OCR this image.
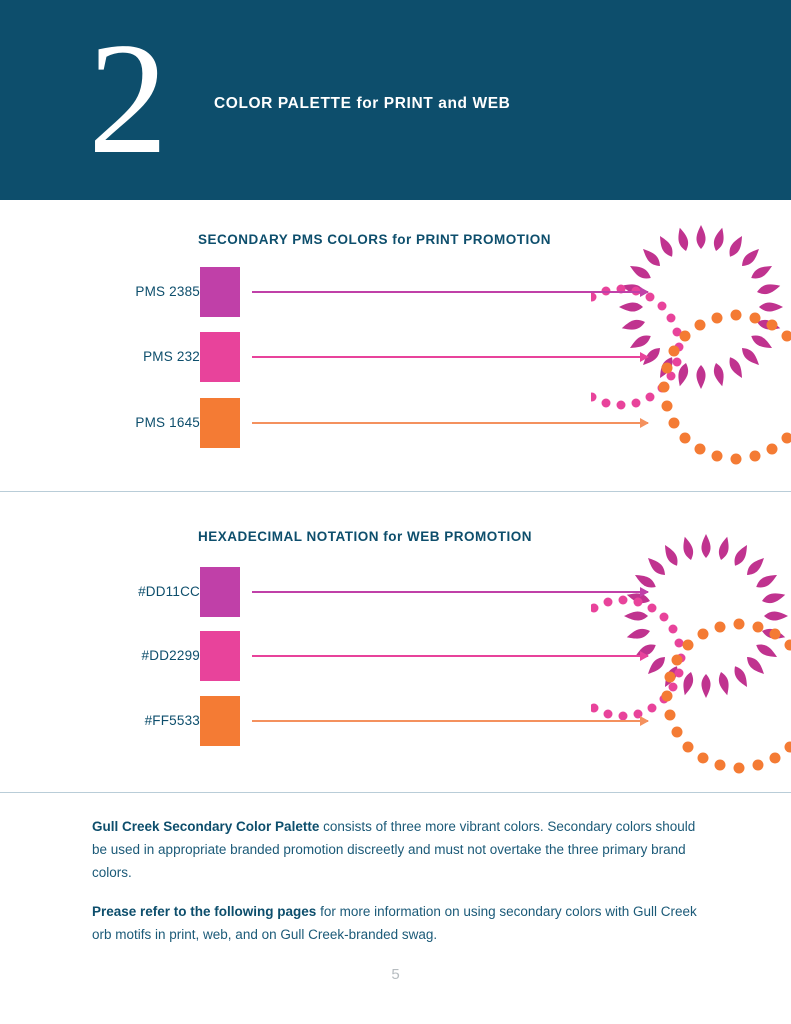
2	COLOR PALETTE for PRINT and WEB
SECONDARY PMS COLORS for PRINT PROMOTION
PMS 2385
PMS 232
PMS 1645
HEXADECIMAL NOTATION for WEB PROMOTION
#DD11CC
#DD2299
#FF5533
Gull Creek Secondary Color Palette consists of three more vibrant colors. Secondary colors should be used in appropriate branded promotion discreetly and must not overtake the three primary brand colors.
Prease refer to the following pages for more information on using secondary colors with Gull Creek orb motifs in print, web, and on Gull Creek-branded swag.
5
